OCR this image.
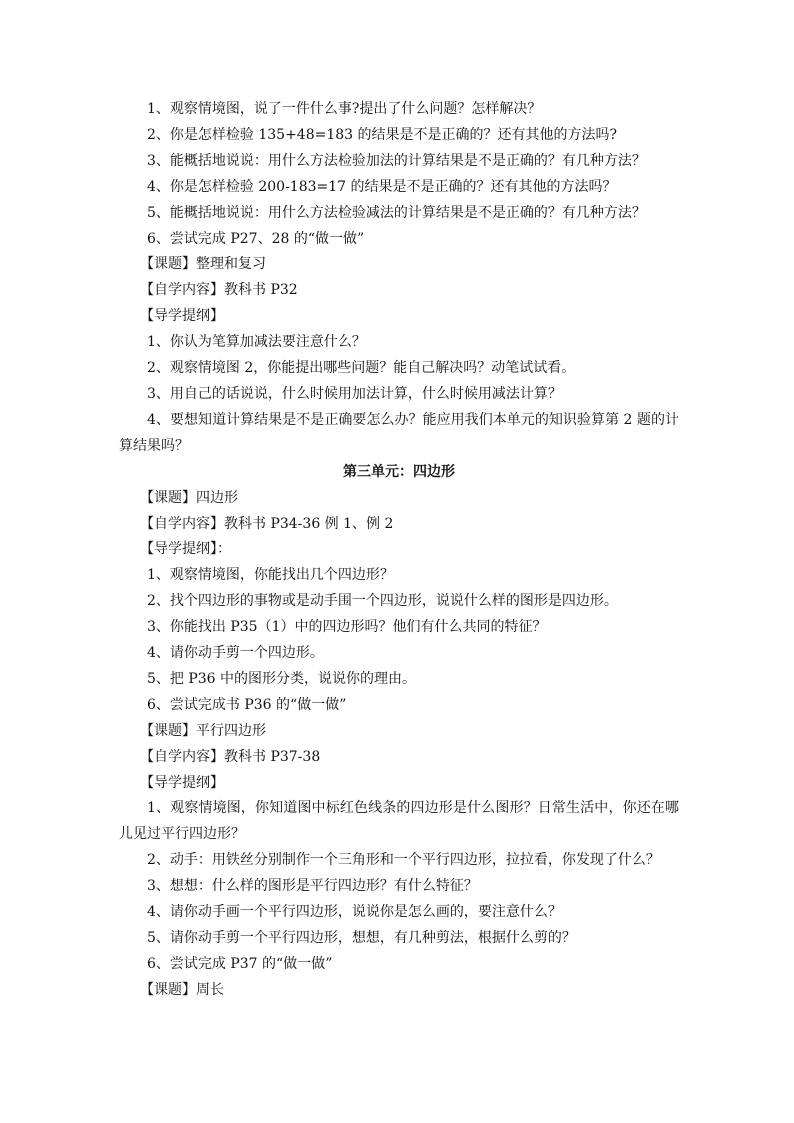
1、观察情境图，说了一件什么事?提出了什么问题？怎样解决？
2、你是怎样检验 135+48=183 的结果是不是正确的？还有其他的方法吗?
3、能概括地说说：用什么方法检验加法的计算结果是不是正确的？有几种方法？
4、你是怎样检验 200-183=17 的结果是不是正确的？还有其他的方法吗？
5、能概括地说说：用什么方法检验减法的计算结果是不是正确的？有几种方法？
6、尝试完成 P27、28 的“做一做”
【课题】整理和复习
【自学内容】教科书 P32
【导学提纲】
1、你认为笔算加减法要注意什么？
2、观察情境图 2，你能提出哪些问题？能自己解决吗？动笔试试看。
3、用自己的话说说，什么时候用加法计算，什么时候用减法计算？
4、要想知道计算结果是不是正确要怎么办？能应用我们本单元的知识验算第 2 题的计算结果吗？
第三单元：四边形
【课题】四边形
【自学内容】教科书 P34-36 例 1、例 2
【导学提纲】：
1、观察情境图，你能找出几个四边形？
2、找个四边形的事物或是动手围一个四边形，说说什么样的图形是四边形。
3、你能找出 P35（1）中的四边形吗？他们有什么共同的特征？
4、请你动手剪一个四边形。
5、把 P36 中的图形分类，说说你的理由。
6、尝试完成书 P36 的“做一做”
【课题】平行四边形
【自学内容】教科书 P37-38
【导学提纲】
1、观察情境图，你知道图中标红色线条的四边形是什么图形？日常生活中，你还在哪儿见过平行四边形？
2、动手：用铁丝分别制作一个三角形和一个平行四边形，拉拉看，你发现了什么？
3、想想：什么样的图形是平行四边形？有什么特征？
4、请你动手画一个平行四边形，说说你是怎么画的，要注意什么？
5、请你动手剪一个平行四边形，想想，有几种剪法，根据什么剪的？
6、尝试完成 P37 的“做一做”
【课题】周长
